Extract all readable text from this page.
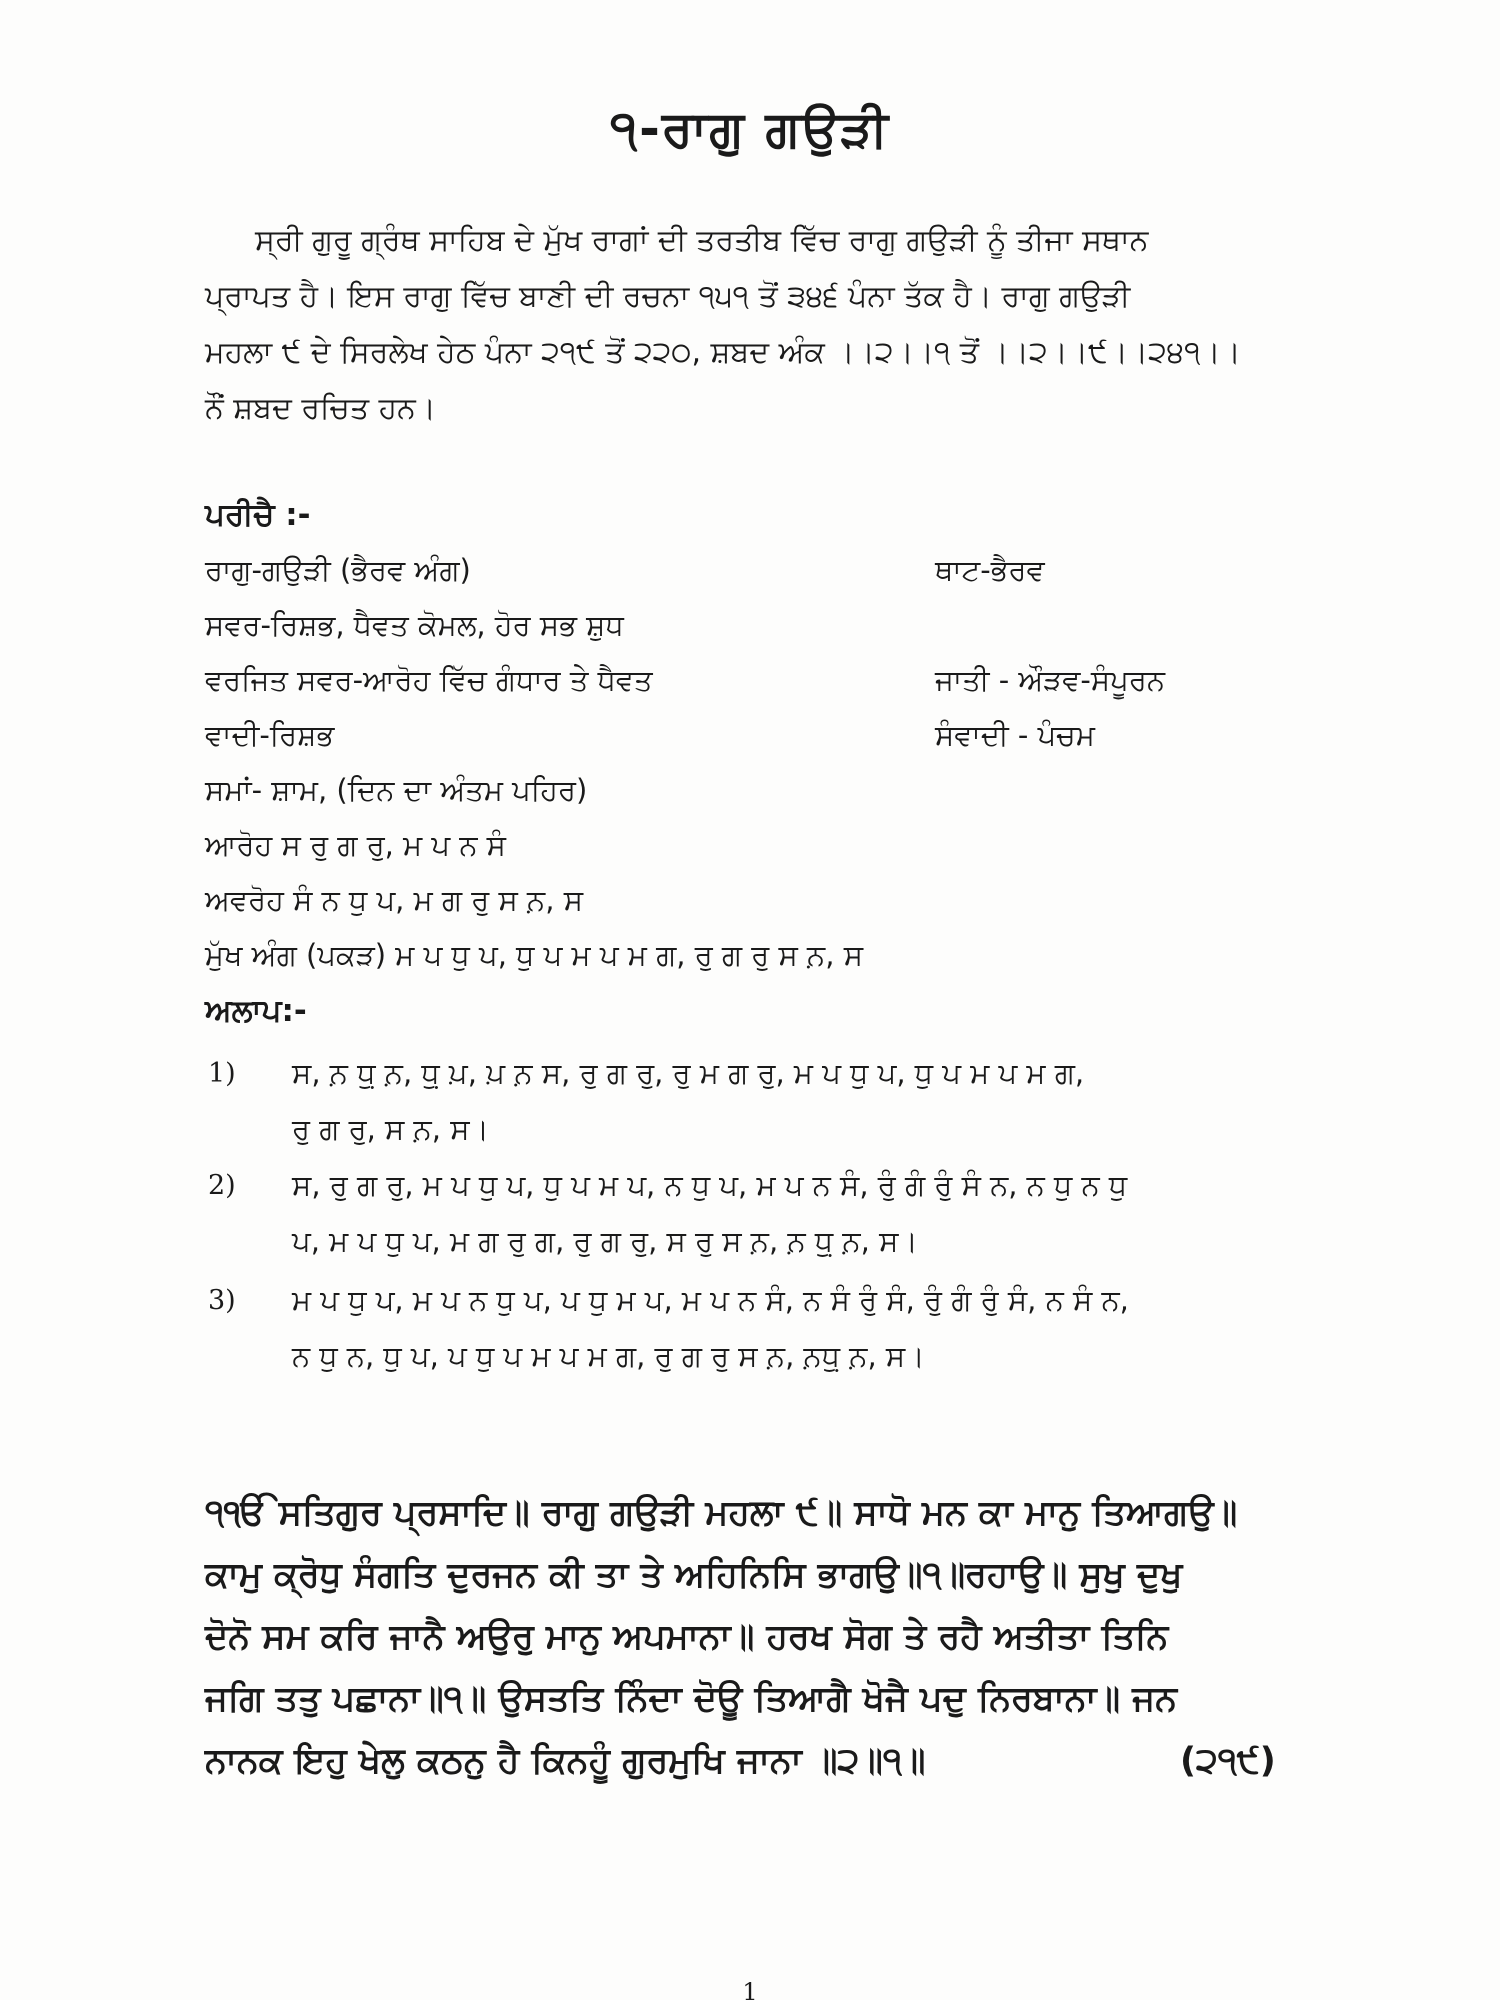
੧-ਰਾਗੁ ਗਉੜੀ
ਸ੍ਰੀ ਗੁਰੂ ਗ੍ਰੰਥ ਸਾਹਿਬ ਦੇ ਮੁੱਖ ਰਾਗਾਂ ਦੀ ਤਰਤੀਬ ਵਿੱਚ ਰਾਗੁ ਗਉੜੀ ਨੂੰ ਤੀਜਾ ਸਥਾਨ
ਪ੍ਰਾਪਤ ਹੈ। ਇਸ ਰਾਗੁ ਵਿੱਚ ਬਾਣੀ ਦੀ ਰਚਨਾ ੧੫੧ ਤੋਂ ੩੪੬ ਪੰਨਾ ਤੱਕ ਹੈ। ਰਾਗੁ ਗਉੜੀ
ਮਹਲਾ ੯ ਦੇ ਸਿਰਲੇਖ ਹੇਠ ਪੰਨਾ ੨੧੯ ਤੋਂ ੨੨੦, ਸ਼ਬਦ ਅੰਕ ।।੨।।੧ ਤੋਂ ।।੨।।੯।।੨੪੧।।
ਨੌਂ ਸ਼ਬਦ ਰਚਿਤ ਹਨ।
ਪਰੀਚੈ :-
ਰਾਗੁ-ਗਉੜੀ (ਭੈਰਵ ਅੰਗ)
ਸਵਰ-ਰਿਸ਼ਭ, ਧੈਵਤ ਕੋਮਲ, ਹੋਰ ਸਭ ਸ਼ੁਧ
ਵਰਜਿਤ ਸਵਰ-ਆਰੋਹ ਵਿੱਚ ਗੰਧਾਰ ਤੇ ਧੈਵਤ
ਵਾਦੀ-ਰਿਸ਼ਭ
ਸਮਾਂ- ਸ਼ਾਮ, (ਦਿਨ ਦਾ ਅੰਤਮ ਪਹਿਰ)
ਆਰੋਹ ਸ ਰੁ ਗ ਰੁ, ਮ ਪ ਨ ਸੰ
ਅਵਰੋਹ ਸੰ ਨ ਧੁ ਪ, ਮ ਗ ਰੁ ਸ ਨ਼, ਸ
ਮੁੱਖ ਅੰਗ (ਪਕੜ) ਮ ਪ ਧੁ ਪ, ਧੁ ਪ ਮ ਪ ਮ ਗ, ਰੁ ਗ ਰੁ ਸ ਨ਼, ਸ
ਥਾਟ-ਭੈਰਵ
ਜਾਤੀ - ਔੜਵ-ਸੰਪੂਰਨ
ਸੰਵਾਦੀ - ਪੰਚਮ
ਅਲਾਪ:-
1) ਸ, ਨ਼ ਧੁ਼ ਨ਼, ਧੁ਼ ਪ਼, ਪ਼ ਨ਼ ਸ, ਰੁ ਗ ਰੁ, ਰੁ ਮ ਗ ਰੁ, ਮ ਪ ਧੁ ਪ, ਧੁ ਪ ਮ ਪ ਮ ਗ,
ਰੁ ਗ ਰੁ, ਸ ਨ਼, ਸ।
2) ਸ, ਰੁ ਗ ਰੁ, ਮ ਪ ਧੁ ਪ, ਧੁ ਪ ਮ ਪ, ਨ ਧੁ ਪ, ਮ ਪ ਨ ਸੰ, ਰੁੰ ਗੰ ਰੁੰ ਸੰ ਨ, ਨ ਧੁ ਨ ਧੁ
ਪ, ਮ ਪ ਧੁ ਪ, ਮ ਗ ਰੁ ਗ, ਰੁ ਗ ਰੁ, ਸ ਰੁ ਸ ਨ਼, ਨ਼ ਧੁ਼ ਨ਼, ਸ।
3) ਮ ਪ ਧੁ ਪ, ਮ ਪ ਨ ਧੁ ਪ, ਪ ਧੁ ਮ ਪ, ਮ ਪ ਨ ਸੰ, ਨ ਸੰ ਰੁੰ ਸੰ, ਰੁੰ ਗੰ ਰੁੰ ਸੰ, ਨ ਸੰ ਨ,
ਨ ਧੁ ਨ, ਧੁ ਪ, ਪ ਧੁ ਪ ਮ ਪ ਮ ਗ, ਰੁ ਗ ਰੁ ਸ ਨ਼, ਨ਼ਧੁ਼ ਨ਼, ਸ।
੧ੴ ਸਤਿਗੁਰ ਪ੍ਰਸਾਦਿ॥ ਰਾਗੁ ਗਉੜੀ ਮਹਲਾ ੯॥ ਸਾਧੋ ਮਨ ਕਾ ਮਾਨੁ ਤਿਆਗਉ॥
ਕਾਮੁ ਕ੍ਰੋਧੁ ਸੰਗਤਿ ਦੁਰਜਨ ਕੀ ਤਾ ਤੇ ਅਹਿਨਿਸਿ ਭਾਗਉ॥੧॥ਰਹਾਉ॥ ਸੁਖੁ ਦੁਖੁ
ਦੋਨੋ ਸਮ ਕਰਿ ਜਾਨੈ ਅਉਰੁ ਮਾਨੁ ਅਪਮਾਨਾ॥ ਹਰਖ ਸੋਗ ਤੇ ਰਹੈ ਅਤੀਤਾ ਤਿਨਿ
ਜਗਿ ਤਤੁ ਪਛਾਨਾ॥੧॥ ਉਸਤਤਿ ਨਿੰਦਾ ਦੋਊ ਤਿਆਗੈ ਖੋਜੈ ਪਦੁ ਨਿਰਬਾਨਾ॥ ਜਨ
ਨਾਨਕ ਇਹੁ ਖੇਲੁ ਕਠਨੁ ਹੈ ਕਿਨਹੂੰ ਗੁਰਮੁਖਿ ਜਾਨਾ ॥੨॥੧॥	(੨੧੯)
1
